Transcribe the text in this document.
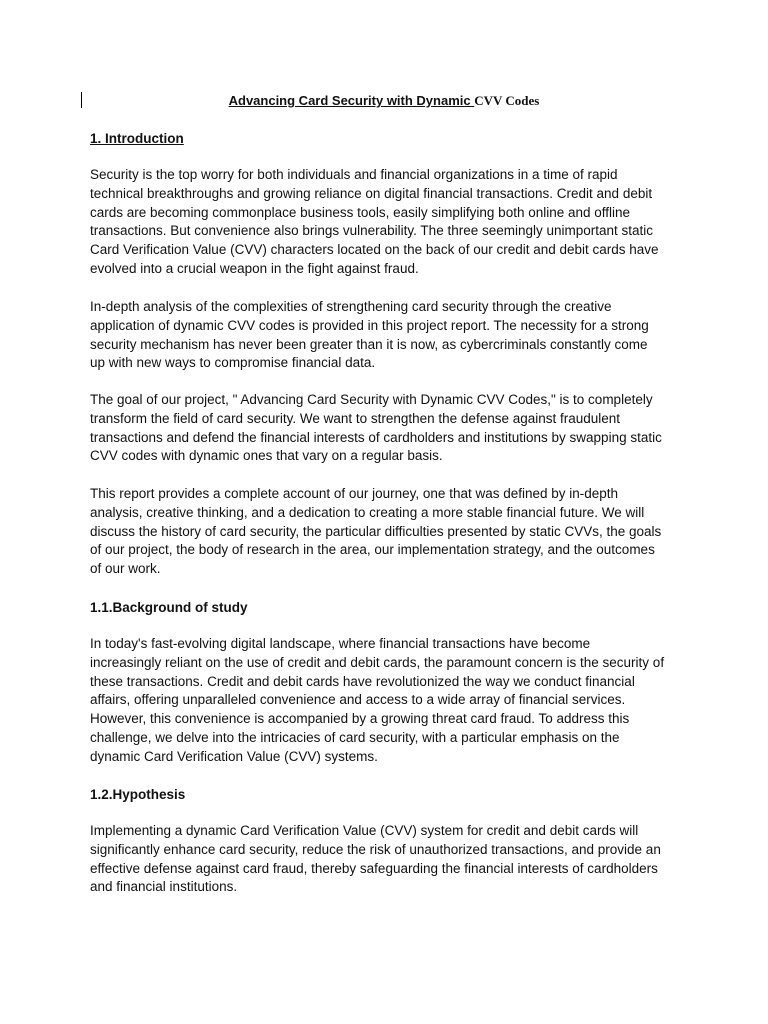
Advancing Card Security with Dynamic CVV Codes
1. Introduction
Security is the top worry for both individuals and financial organizations in a time of rapid
technical breakthroughs and growing reliance on digital financial transactions. Credit and debit
cards are becoming commonplace business tools, easily simplifying both online and offline
transactions. But convenience also brings vulnerability. The three seemingly unimportant static
Card Verification Value (CVV) characters located on the back of our credit and debit cards have
evolved into a crucial weapon in the fight against fraud.
In-depth analysis of the complexities of strengthening card security through the creative
application of dynamic CVV codes is provided in this project report. The necessity for a strong
security mechanism has never been greater than it is now, as cybercriminals constantly come
up with new ways to compromise financial data.
The goal of our project, " Advancing Card Security with Dynamic CVV Codes," is to completely
transform the field of card security. We want to strengthen the defense against fraudulent
transactions and defend the financial interests of cardholders and institutions by swapping static
CVV codes with dynamic ones that vary on a regular basis.
This report provides a complete account of our journey, one that was defined by in-depth
analysis, creative thinking, and a dedication to creating a more stable financial future. We will
discuss the history of card security, the particular difficulties presented by static CVVs, the goals
of our project, the body of research in the area, our implementation strategy, and the outcomes
of our work.
1.1.Background of study
In today's fast-evolving digital landscape, where financial transactions have become
increasingly reliant on the use of credit and debit cards, the paramount concern is the security of
these transactions. Credit and debit cards have revolutionized the way we conduct financial
affairs, offering unparalleled convenience and access to a wide array of financial services.
However, this convenience is accompanied by a growing threat card fraud. To address this
challenge, we delve into the intricacies of card security, with a particular emphasis on the
dynamic Card Verification Value (CVV) systems.
1.2.Hypothesis
Implementing a dynamic Card Verification Value (CVV) system for credit and debit cards will
significantly enhance card security, reduce the risk of unauthorized transactions, and provide an
effective defense against card fraud, thereby safeguarding the financial interests of cardholders
and financial institutions.
